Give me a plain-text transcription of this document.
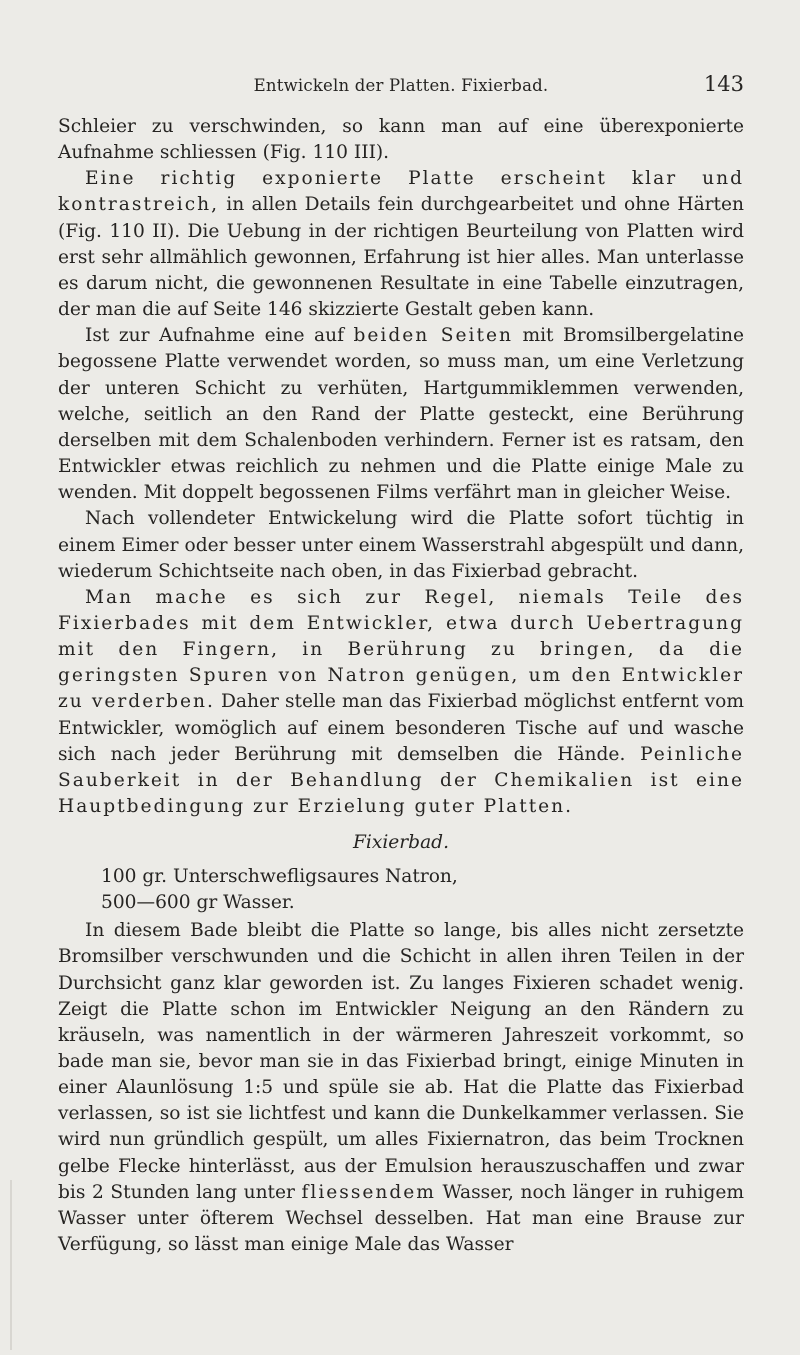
Entwickeln der Platten. Fixierbad.	143

Schleier zu verschwinden, so kann man auf eine überexponierte Aufnahme schliessen (Fig. 110 III).

Eine richtig exponierte Platte erscheint klar und kontrastreich, in allen Details fein durchgearbeitet und ohne Härten (Fig. 110 II). Die Uebung in der richtigen Beurteilung von Platten wird erst sehr allmählich gewonnen, Erfahrung ist hier alles. Man unterlasse es darum nicht, die gewonnenen Resultate in eine Tabelle einzutragen, der man die auf Seite 146 skizzierte Gestalt geben kann.

Ist zur Aufnahme eine auf beiden Seiten mit Bromsilbergelatine begossene Platte verwendet worden, so muss man, um eine Verletzung der unteren Schicht zu verhüten, Hartgummiklemmen verwenden, welche, seitlich an den Rand der Platte gesteckt, eine Berührung derselben mit dem Schalenboden verhindern. Ferner ist es ratsam, den Entwickler etwas reichlich zu nehmen und die Platte einige Male zu wenden. Mit doppelt begossenen Films verfährt man in gleicher Weise.

Nach vollendeter Entwickelung wird die Platte sofort tüchtig in einem Eimer oder besser unter einem Wasserstrahl abgespült und dann, wiederum Schichtseite nach oben, in das Fixierbad gebracht.

Man mache es sich zur Regel, niemals Teile des Fixierbades mit dem Entwickler, etwa durch Uebertragung mit den Fingern, in Berührung zu bringen, da die geringsten Spuren von Natron genügen, um den Entwickler zu verderben. Daher stelle man das Fixierbad möglichst entfernt vom Entwickler, womöglich auf einem besonderen Tische auf und wasche sich nach jeder Berührung mit demselben die Hände. Peinliche Sauberkeit in der Behandlung der Chemikalien ist eine Hauptbedingung zur Erzielung guter Platten.

Fixierbad.
100 gr. Unterschwefligsaures Natron,
500—600 gr Wasser.

In diesem Bade bleibt die Platte so lange, bis alles nicht zersetzte Bromsilber verschwunden und die Schicht in allen ihren Teilen in der Durchsicht ganz klar geworden ist. Zu langes Fixieren schadet wenig. Zeigt die Platte schon im Entwickler Neigung an den Rändern zu kräuseln, was namentlich in der wärmeren Jahreszeit vorkommt, so bade man sie, bevor man sie in das Fixierbad bringt, einige Minuten in einer Alaunlösung 1:5 und spüle sie ab. Hat die Platte das Fixierbad verlassen, so ist sie lichtfest und kann die Dunkelkammer verlassen. Sie wird nun gründlich gespült, um alles Fixiernatron, das beim Trocknen gelbe Flecke hinterlässt, aus der Emulsion herauszuschaffen und zwar bis 2 Stunden lang unter fliessendem Wasser, noch länger in ruhigem Wasser unter öfterem Wechsel desselben. Hat man eine Brause zur Verfügung, so lässt man einige Male das Wasser
